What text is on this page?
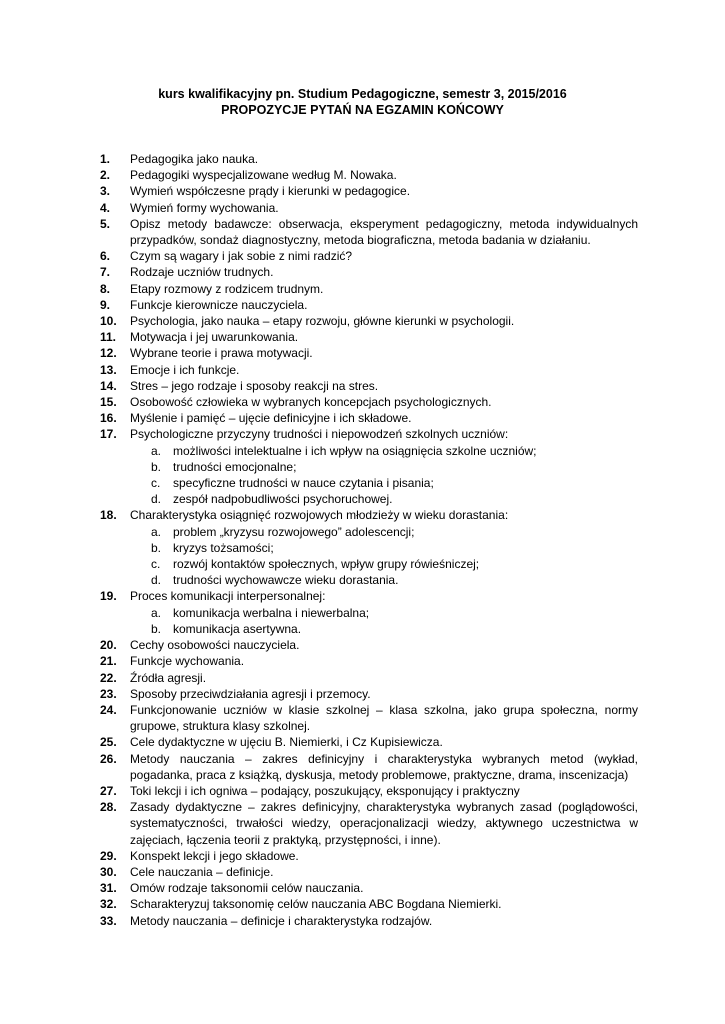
kurs kwalifikacyjny pn. Studium Pedagogiczne, semestr 3, 2015/2016
PROPOZYCJE PYTAŃ NA EGZAMIN KOŃCOWY
1.	Pedagogika jako nauka.
2.	Pedagogiki wyspecjalizowane według M. Nowaka.
3.	Wymień współczesne prądy i kierunki w pedagogice.
4.	Wymień formy wychowania.
5.	Opisz metody badawcze: obserwacja, eksperyment pedagogiczny, metoda indywidualnych przypadków, sondaż diagnostyczny, metoda biograficzna, metoda badania w działaniu.
6.	Czym są wagary i jak sobie z nimi radzić?
7.	Rodzaje uczniów trudnych.
8.	Etapy rozmowy z rodzicem trudnym.
9.	Funkcje kierownicze nauczyciela.
10.	Psychologia, jako nauka – etapy rozwoju, główne kierunki w psychologii.
11.	Motywacja i jej uwarunkowania.
12.	Wybrane teorie i prawa motywacji.
13.	Emocje i ich funkcje.
14.	Stres – jego rodzaje i sposoby reakcji na stres.
15.	Osobowość człowieka w wybranych koncepcjach psychologicznych.
16.	Myślenie i pamięć – ujęcie definicyjne i ich składowe.
17.	Psychologiczne przyczyny trudności i niepowodzeń szkolnych uczniów:
a. możliwości intelektualne i ich wpływ na osiągnięcia szkolne uczniów;
b. trudności emocjonalne;
c.	specyficzne trudności w nauce czytania i pisania;
d. zespół nadpobudliwości psychoruchowej.
18.	Charakterystyka osiągnięć rozwojowych młodzieży w wieku dorastania:
a. problem „kryzysu rozwojowego” adolescencji;
b. kryzys tożsamości;
c.	rozwój kontaktów społecznych, wpływ grupy rówieśniczej;
d. trudności wychowawcze wieku dorastania.
19.	Proces komunikacji interpersonalnej:
a. komunikacja werbalna i niewerbalna;
b. komunikacja asertywna.
20.	Cechy osobowości nauczyciela.
21.	Funkcje wychowania.
22.	Źródła agresji.
23.	Sposoby przeciwdziałania agresji i przemocy.
24.	Funkcjonowanie uczniów w klasie szkolnej – klasa szkolna, jako grupa społeczna, normy grupowe, struktura klasy szkolnej.
25.	Cele dydaktyczne w ujęciu B. Niemierki, i Cz Kupisiewicza.
26.	Metody nauczania – zakres definicyjny i charakterystyka wybranych metod (wykład, pogadanka, praca z książką, dyskusja, metody problemowe, praktyczne, drama, inscenizacja)
27.	Toki lekcji i ich ogniwa – podający, poszukujący, eksponujący i praktyczny
28.	Zasady dydaktyczne – zakres definicyjny, charakterystyka wybranych zasad (poglądowości, systematyczności, trwałości wiedzy, operacjonalizacji wiedzy, aktywnego uczestnictwa w zajęciach, łączenia teorii z praktyką, przystępności, i inne).
29.	Konspekt lekcji i jego składowe.
30.	Cele nauczania – definicje.
31.	Omów rodzaje taksonomii celów nauczania.
32.	Scharakteryzuj taksonomię celów nauczania ABC Bogdana Niemierki.
33.	Metody nauczania – definicje i charakterystyka rodzajów.
